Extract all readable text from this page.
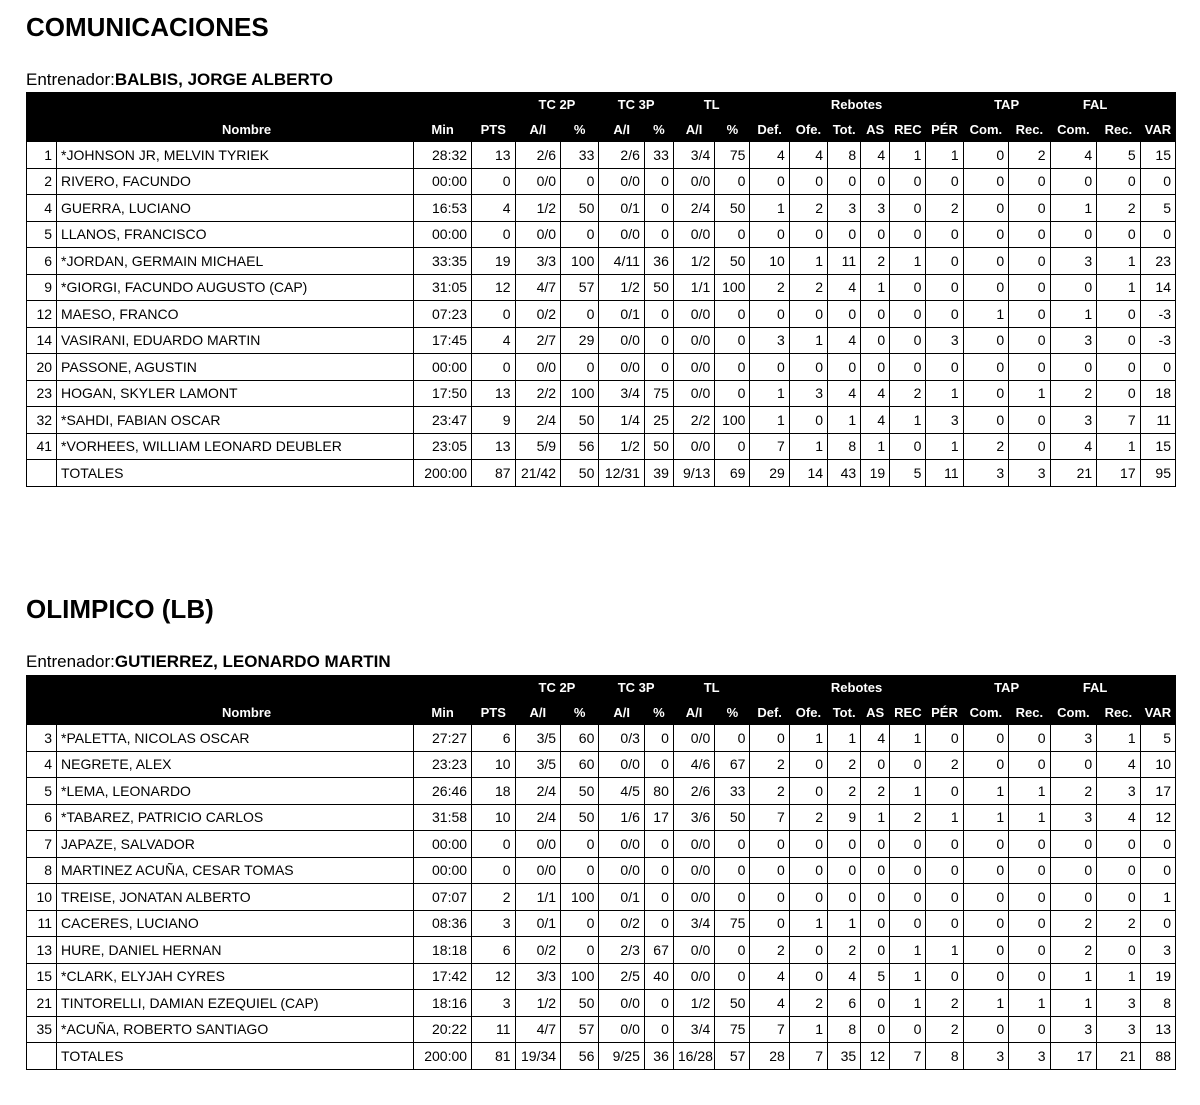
COMUNICACIONES
Entrenador:BALBIS, JORGE ALBERTO
				TC 2P		TC 3P		TL		Rebotes						TAP		FAL		
	Nombre	Min	PTS	A/I	%	A/I	%	A/I	%	Def.	Ofe.	Tot.	AS	REC	PÉR	Com.	Rec.	Com.	Rec.	VAR
1	*JOHNSON JR, MELVIN TYRIEK	28:32	13	2/6	33	2/6	33	3/4	75	4	4	8	4	1	1	0	2	4	5	15
2	RIVERO, FACUNDO	00:00	0	0/0	0	0/0	0	0/0	0	0	0	0	0	0	0	0	0	0	0	0
4	GUERRA, LUCIANO	16:53	4	1/2	50	0/1	0	2/4	50	1	2	3	3	0	2	0	0	1	2	5
5	LLANOS, FRANCISCO	00:00	0	0/0	0	0/0	0	0/0	0	0	0	0	0	0	0	0	0	0	0	0
6	*JORDAN, GERMAIN MICHAEL	33:35	19	3/3	100	4/11	36	1/2	50	10	1	11	2	1	0	0	0	3	1	23
9	*GIORGI, FACUNDO AUGUSTO (CAP)	31:05	12	4/7	57	1/2	50	1/1	100	2	2	4	1	0	0	0	0	0	1	14
12	MAESO, FRANCO	07:23	0	0/2	0	0/1	0	0/0	0	0	0	0	0	0	0	1	0	1	0	-3
14	VASIRANI, EDUARDO MARTIN	17:45	4	2/7	29	0/0	0	0/0	0	3	1	4	0	0	3	0	0	3	0	-3
20	PASSONE, AGUSTIN	00:00	0	0/0	0	0/0	0	0/0	0	0	0	0	0	0	0	0	0	0	0	0
23	HOGAN, SKYLER LAMONT	17:50	13	2/2	100	3/4	75	0/0	0	1	3	4	4	2	1	0	1	2	0	18
32	*SAHDI, FABIAN OSCAR	23:47	9	2/4	50	1/4	25	2/2	100	1	0	1	4	1	3	0	0	3	7	11
41	*VORHEES, WILLIAM LEONARD DEUBLER	23:05	13	5/9	56	1/2	50	0/0	0	7	1	8	1	0	1	2	0	4	1	15
	TOTALES	200:00	87	21/42	50	12/31	39	9/13	69	29	14	43	19	5	11	3	3	21	17	95
OLIMPICO (LB)
Entrenador:GUTIERREZ, LEONARDO MARTIN
				TC 2P		TC 3P		TL		Rebotes						TAP		FAL		
	Nombre	Min	PTS	A/I	%	A/I	%	A/I	%	Def.	Ofe.	Tot.	AS	REC	PÉR	Com.	Rec.	Com.	Rec.	VAR
3	*PALETTA, NICOLAS OSCAR	27:27	6	3/5	60	0/3	0	0/0	0	0	1	1	4	1	0	0	0	3	1	5
4	NEGRETE, ALEX	23:23	10	3/5	60	0/0	0	4/6	67	2	0	2	0	0	2	0	0	0	4	10
5	*LEMA, LEONARDO	26:46	18	2/4	50	4/5	80	2/6	33	2	0	2	2	1	0	1	1	2	3	17
6	*TABAREZ, PATRICIO CARLOS	31:58	10	2/4	50	1/6	17	3/6	50	7	2	9	1	2	1	1	1	3	4	12
7	JAPAZE, SALVADOR	00:00	0	0/0	0	0/0	0	0/0	0	0	0	0	0	0	0	0	0	0	0	0
8	MARTINEZ ACUÑA, CESAR TOMAS	00:00	0	0/0	0	0/0	0	0/0	0	0	0	0	0	0	0	0	0	0	0	0
10	TREISE, JONATAN ALBERTO	07:07	2	1/1	100	0/1	0	0/0	0	0	0	0	0	0	0	0	0	0	0	1
11	CACERES, LUCIANO	08:36	3	0/1	0	0/2	0	3/4	75	0	1	1	0	0	0	0	0	2	2	0
13	HURE, DANIEL HERNAN	18:18	6	0/2	0	2/3	67	0/0	0	2	0	2	0	1	1	0	0	2	0	3
15	*CLARK, ELYJAH CYRES	17:42	12	3/3	100	2/5	40	0/0	0	4	0	4	5	1	0	0	0	1	1	19
21	TINTORELLI, DAMIAN EZEQUIEL (CAP)	18:16	3	1/2	50	0/0	0	1/2	50	4	2	6	0	1	2	1	1	1	3	8
35	*ACUÑA, ROBERTO SANTIAGO	20:22	11	4/7	57	0/0	0	3/4	75	7	1	8	0	0	2	0	0	3	3	13
	TOTALES	200:00	81	19/34	56	9/25	36	16/28	57	28	7	35	12	7	8	3	3	17	21	88
